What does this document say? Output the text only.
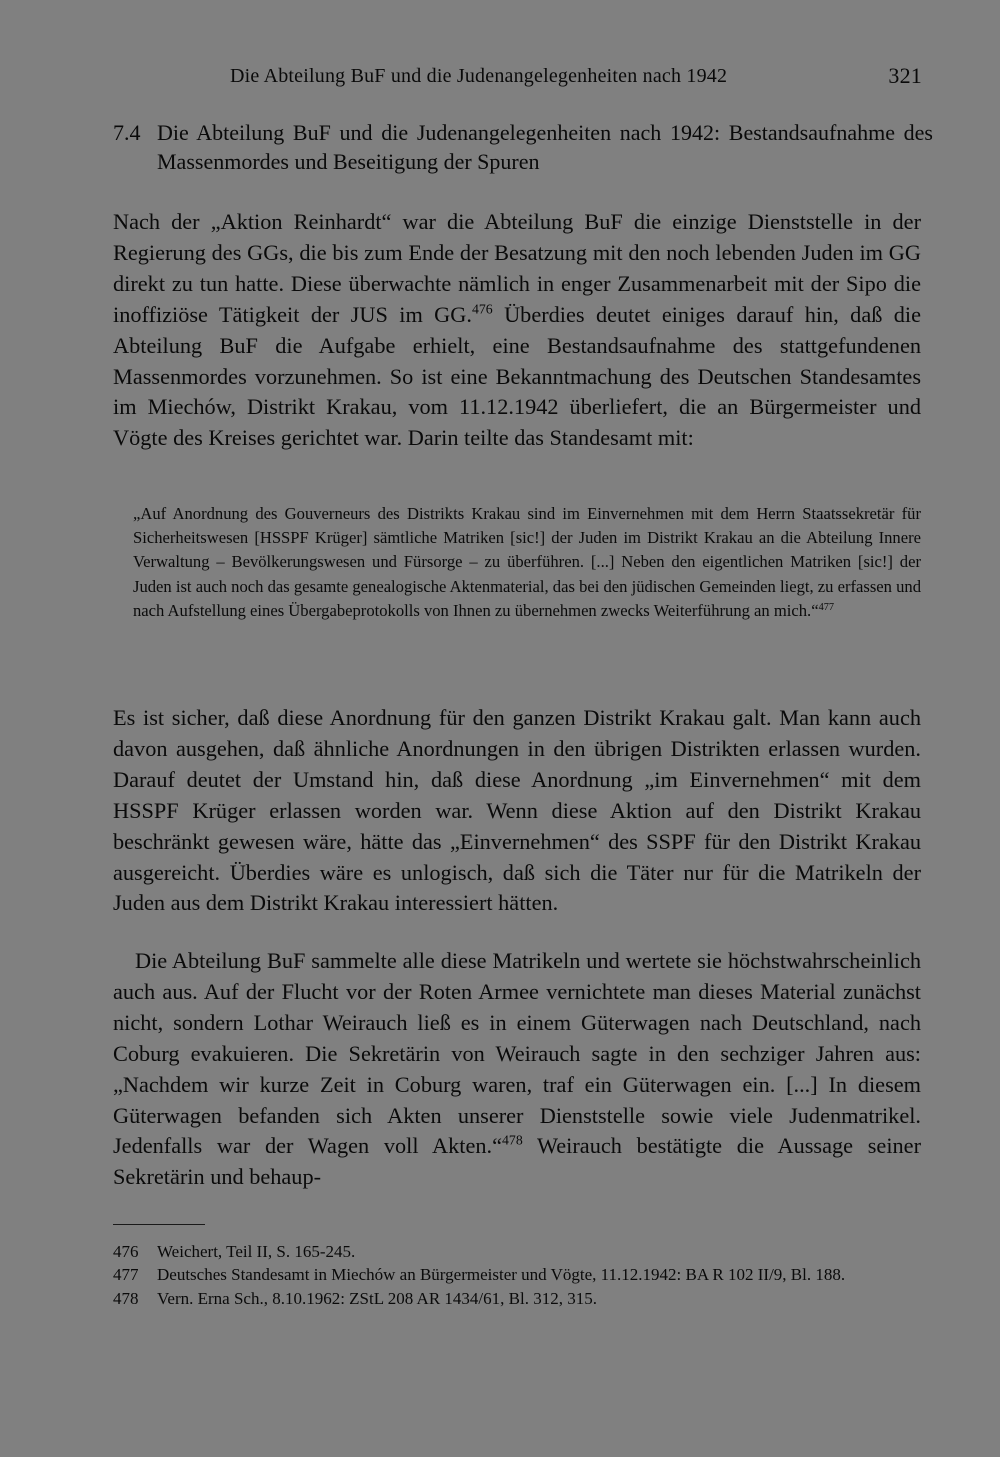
Die Abteilung BuF und die Judenangelegenheiten nach 1942	321
7.4 Die Abteilung BuF und die Judenangelegenheiten nach 1942: Bestandsaufnahme des Massenmordes und Beseitigung der Spuren

Nach der „Aktion Reinhardt“ war die Abteilung BuF die einzige Dienststelle in der Regierung des GGs, die bis zum Ende der Besatzung mit den noch lebenden Juden im GG direkt zu tun hatte. Diese überwachte nämlich in enger Zusammenarbeit mit der Sipo die inoffiziöse Tätigkeit der JUS im GG.$^{476}$ Überdies deutet einiges darauf hin, daß die Abteilung BuF die Aufgabe erhielt, eine Bestandsaufnahme des stattgefundenen Massenmordes vorzunehmen. So ist eine Bekanntmachung des Deutschen Standesamtes im Miechów, Distrikt Krakau, vom 11.12.1942 überliefert, die an Bürgermeister und Vögte des Kreises gerichtet war. Darin teilte das Standesamt mit:

„Auf Anordnung des Gouverneurs des Distrikts Krakau sind im Einvernehmen mit dem Herrn Staatssekretär für Sicherheitswesen [HSSPF Krüger] sämtliche Matriken [sic!] der Juden im Distrikt Krakau an die Abteilung Innere Verwaltung – Bevölkerungswesen und Fürsorge – zu überführen. [...] Neben den eigentlichen Matriken [sic!] der Juden ist auch noch das gesamte genealogische Aktenmaterial, das bei den jüdischen Gemeinden liegt, zu erfassen und nach Aufstellung eines Übergabeprotokolls von Ihnen zu übernehmen zwecks Weiterführung an mich.“$^{477}$

Es ist sicher, daß diese Anordnung für den ganzen Distrikt Krakau galt. Man kann auch davon ausgehen, daß ähnliche Anordnungen in den übrigen Distrikten erlassen wurden. Darauf deutet der Umstand hin, daß diese Anordnung „im Einvernehmen“ mit dem HSSPF Krüger erlassen worden war. Wenn diese Aktion auf den Distrikt Krakau beschränkt gewesen wäre, hätte das „Einvernehmen“ des SSPF für den Distrikt Krakau ausgereicht. Überdies wäre es unlogisch, daß sich die Täter nur für die Matrikeln der Juden aus dem Distrikt Krakau interessiert hätten.

Die Abteilung BuF sammelte alle diese Matrikeln und wertete sie höchstwahrscheinlich auch aus. Auf der Flucht vor der Roten Armee vernichtete man dieses Material zunächst nicht, sondern Lothar Weirauch ließ es in einem Güterwagen nach Deutschland, nach Coburg evakuieren. Die Sekretärin von Weirauch sagte in den sechziger Jahren aus: „Nachdem wir kurze Zeit in Coburg waren, traf ein Güterwagen ein. [...] In diesem Güterwagen befanden sich Akten unserer Dienststelle sowie viele Judenmatrikel. Jedenfalls war der Wagen voll Akten.“$^{478}$ Weirauch bestätigte die Aussage seiner Sekretärin und behaup-

476 Weichert, Teil II, S. 165-245.
477 Deutsches Standesamt in Miechów an Bürgermeister und Vögte, 11.12.1942: BA R 102 II/9, Bl. 188.
478 Vern. Erna Sch., 8.10.1962: ZStL 208 AR 1434/61, Bl. 312, 315.
